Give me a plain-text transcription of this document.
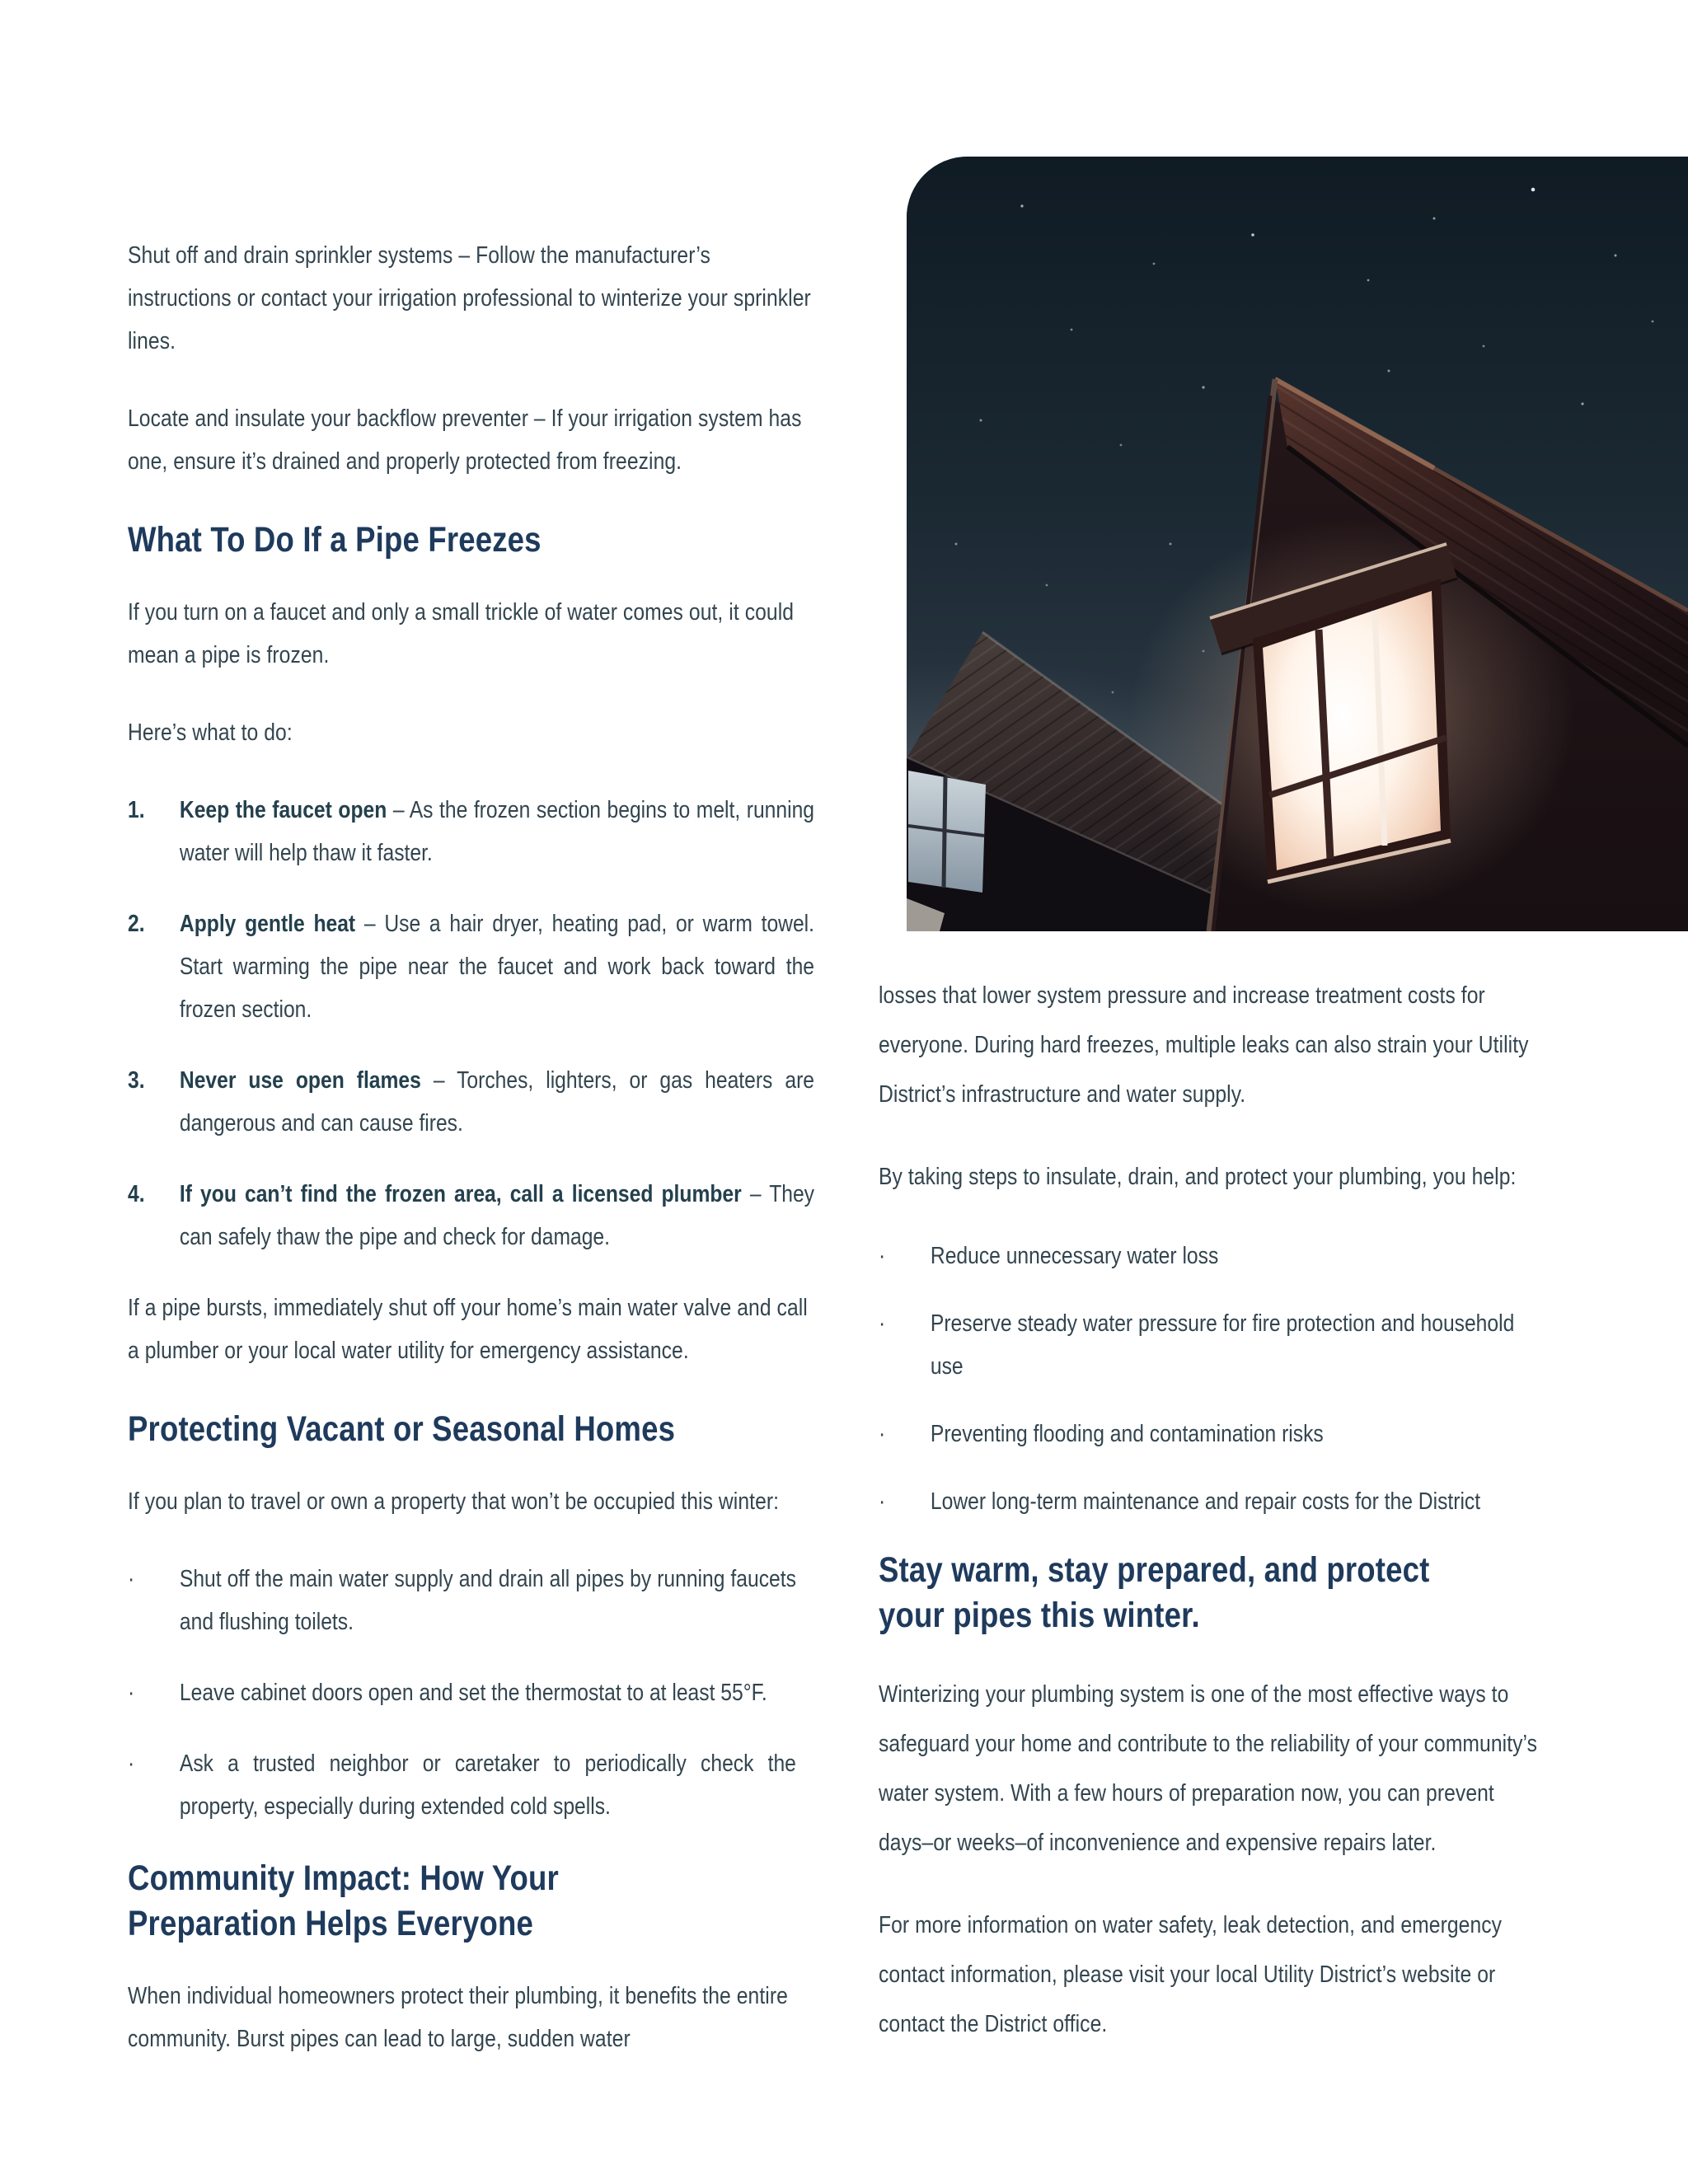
Shut off and drain sprinkler systems – Follow the manufacturer’s instructions or contact your irrigation professional to winterize your sprinkler lines.

Locate and insulate your backflow preventer – If your irrigation system has one, ensure it’s drained and properly protected from freezing.

What To Do If a Pipe Freezes

If you turn on a faucet and only a small trickle of water comes out, it could mean a pipe is frozen.

Here’s what to do:

1.	Keep the faucet open – As the frozen section begins to melt, running water will help thaw it faster.

2.	Apply gentle heat – Use a hair dryer, heating pad, or warm towel. Start warming the pipe near the faucet and work back toward the frozen section.

3.	Never use open flames – Torches, lighters, or gas heaters are dangerous and can cause fires.

4.	If you can’t find the frozen area, call a licensed plumber – They can safely thaw the pipe and check for damage.

If a pipe bursts, immediately shut off your home’s main water valve and call a plumber or your local water utility for emergency assistance.

Protecting Vacant or Seasonal Homes

If you plan to travel or own a property that won’t be occupied this winter:

·	Shut off the main water supply and drain all pipes by running faucets and flushing toilets.

·	Leave cabinet doors open and set the thermostat to at least 55°F.

·	Ask a trusted neighbor or caretaker to periodically check the property, especially during extended cold spells.

Community Impact: How Your
Preparation Helps Everyone

When individual homeowners protect their plumbing, it benefits the entire community. Burst pipes can lead to large, sudden water

losses that lower system pressure and increase treatment costs for everyone. During hard freezes, multiple leaks can also strain your Utility District’s infrastructure and water supply.

By taking steps to insulate, drain, and protect your plumbing, you help:

·	Reduce unnecessary water loss

·	Preserve steady water pressure for fire protection and household use

·	Preventing flooding and contamination risks

·	Lower long-term maintenance and repair costs for the District

Stay warm, stay prepared, and protect
your pipes this winter.

Winterizing your plumbing system is one of the most effective ways to safeguard your home and contribute to the reliability of your community’s water system. With a few hours of preparation now, you can prevent days–or weeks–of inconvenience and expensive repairs later.

For more information on water safety, leak detection, and emergency contact information, please visit your local Utility District’s website or contact the District office.
